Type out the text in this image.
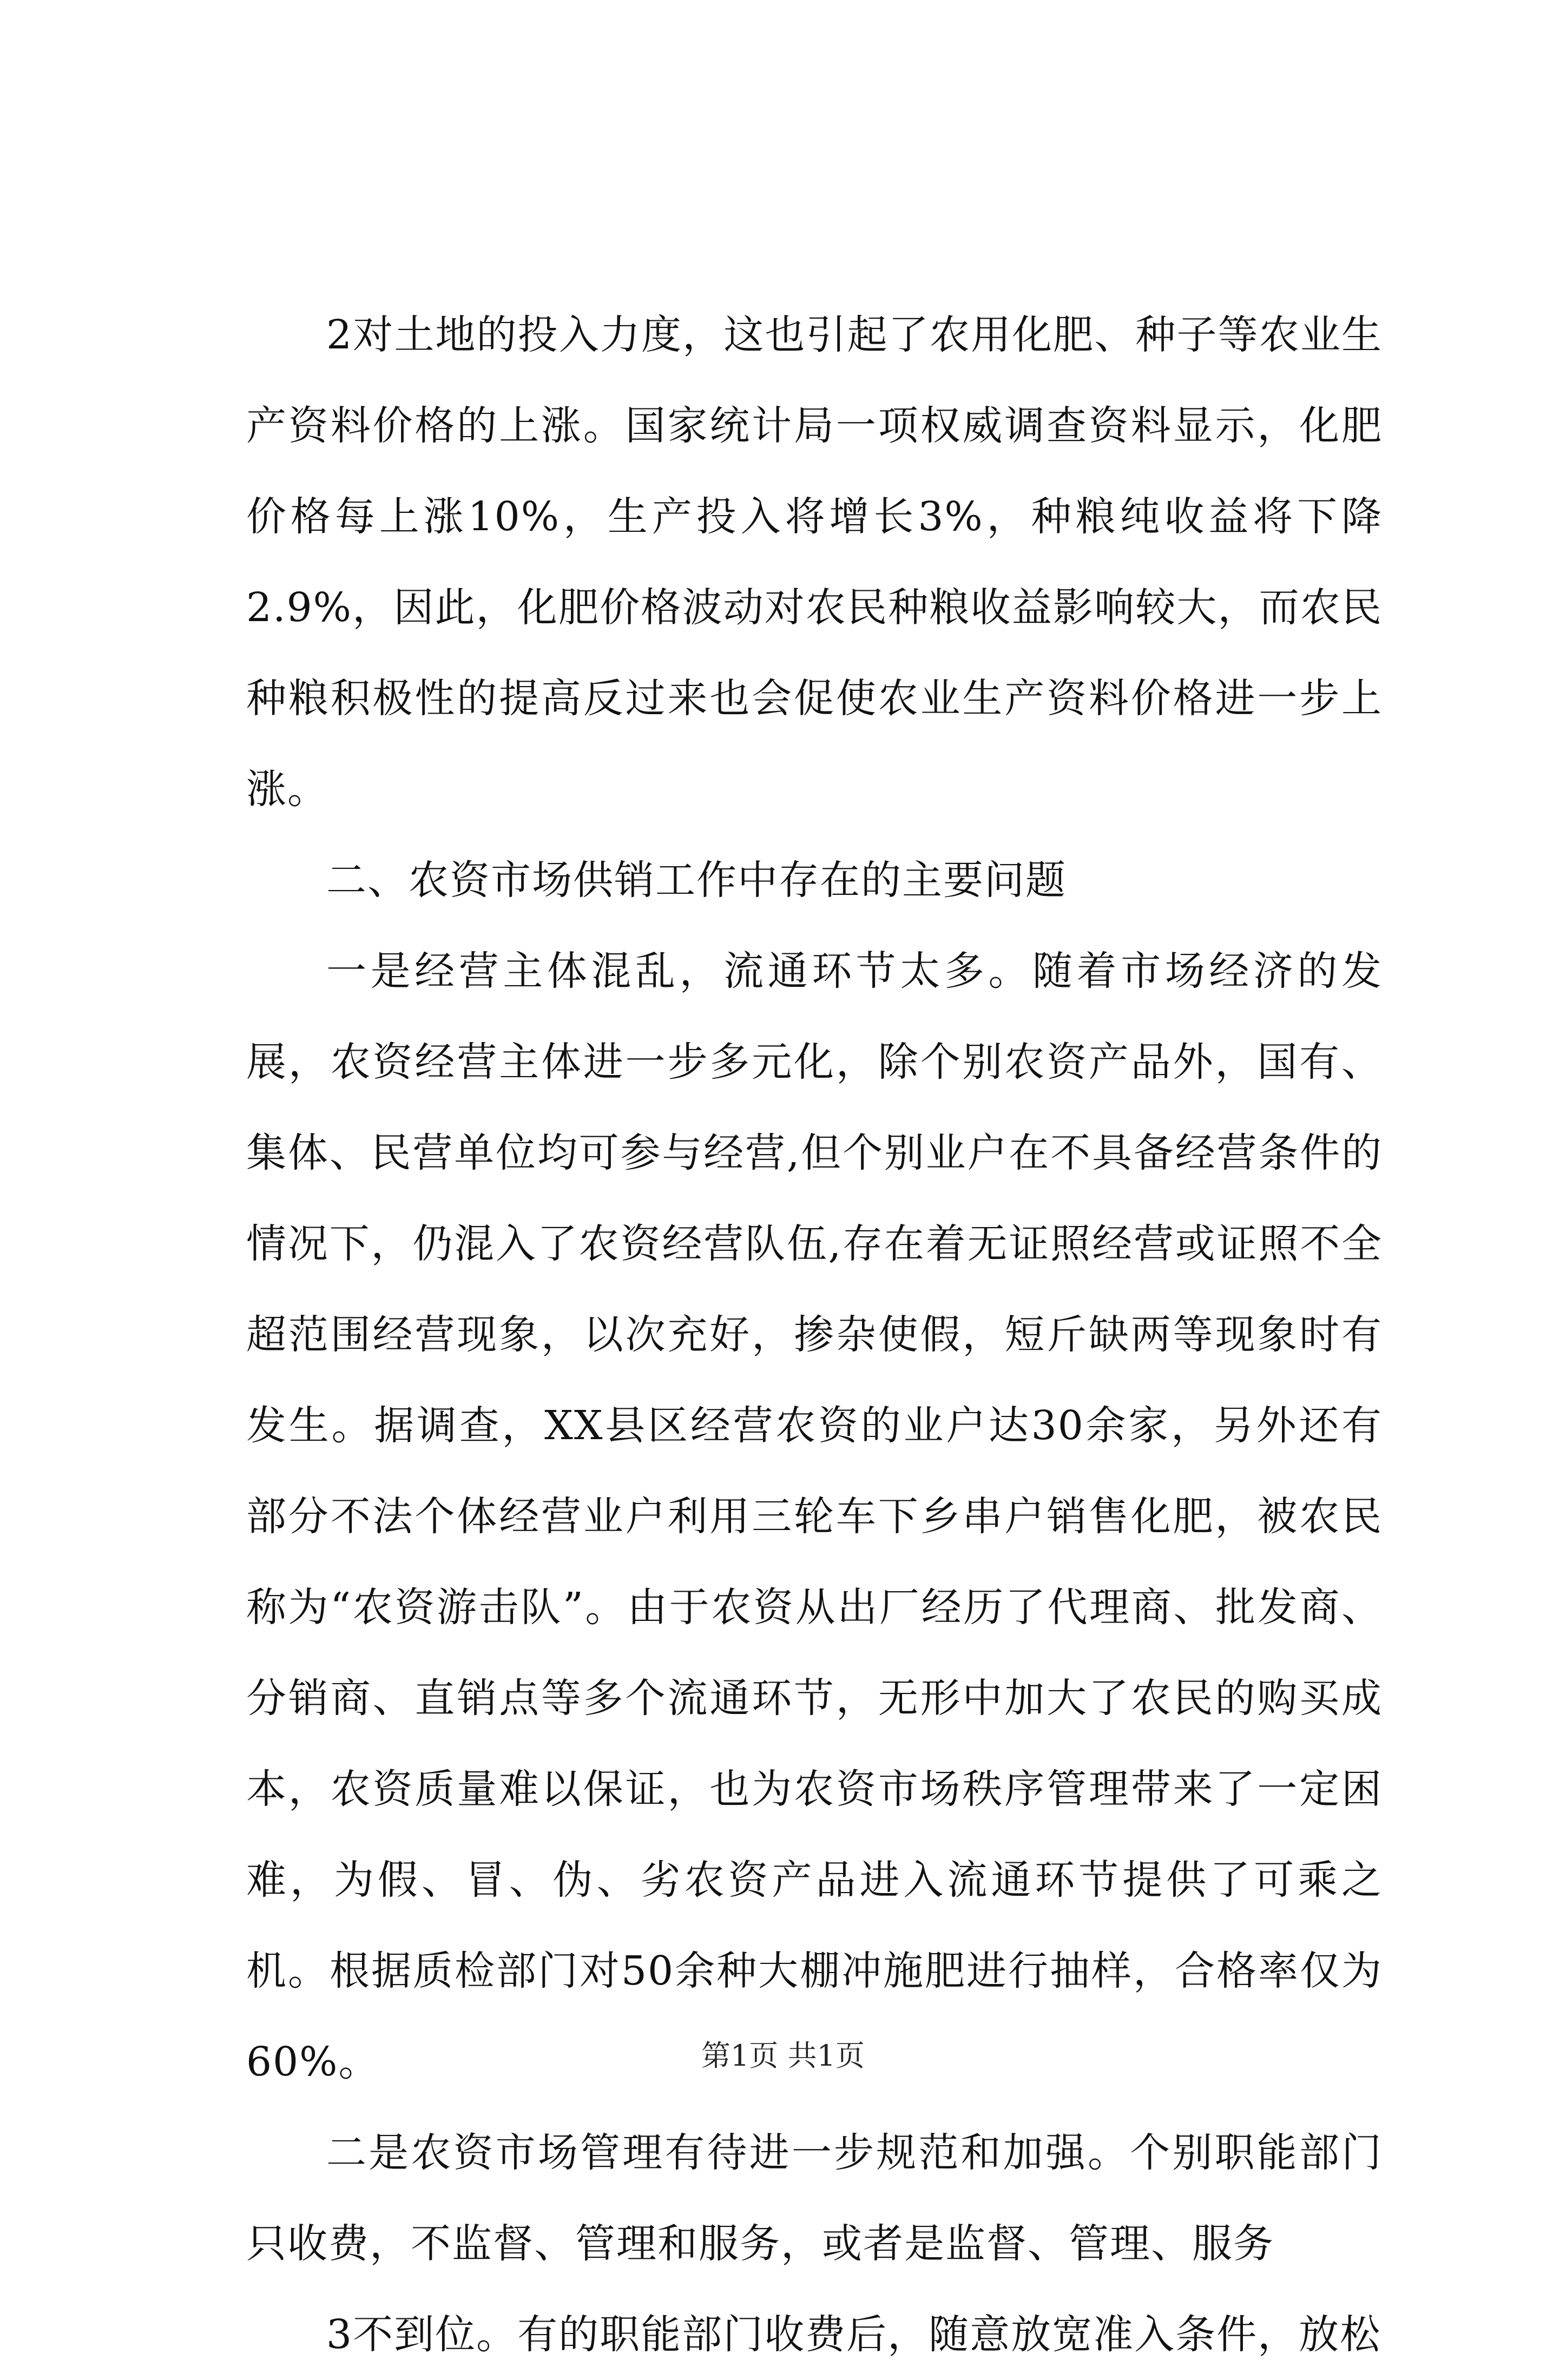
2对土地的投入力度，这也引起了农用化肥、种子等农业生产资料价格的上涨。国家统计局一项权威调查资料显示，化肥价格每上涨10%，生产投入将增长3%，种粮纯收益将下降2.9%，因此，化肥价格波动对农民种粮收益影响较大，而农民种粮积极性的提高反过来也会促使农业生产资料价格进一步上涨。

二、农资市场供销工作中存在的主要问题

一是经营主体混乱，流通环节太多。随着市场经济的发展，农资经营主体进一步多元化，除个别农资产品外，国有、集体、民营单位均可参与经营,但个别业户在不具备经营条件的情况下，仍混入了农资经营队伍,存在着无证照经营或证照不全超范围经营现象，以次充好，掺杂使假，短斤缺两等现象时有发生。据调查，XX县区经营农资的业户达30余家，另外还有部分不法个体经营业户利用三轮车下乡串户销售化肥，被农民称为“农资游击队”。由于农资从出厂经历了代理商、批发商、分销商、直销点等多个流通环节，无形中加大了农民的购买成本，农资质量难以保证，也为农资市场秩序管理带来了一定困难，为假、冒、伪、劣农资产品进入流通环节提供了可乘之机。根据质检部门对50余种大棚冲施肥进行抽样，合格率仅为60%。

二是农资市场管理有待进一步规范和加强。个别职能部门只收费，不监督、管理和服务，或者是监督、管理、服务

3不到位。有的职能部门收费后，随意放宽准入条件，放松

第1页 共1页
